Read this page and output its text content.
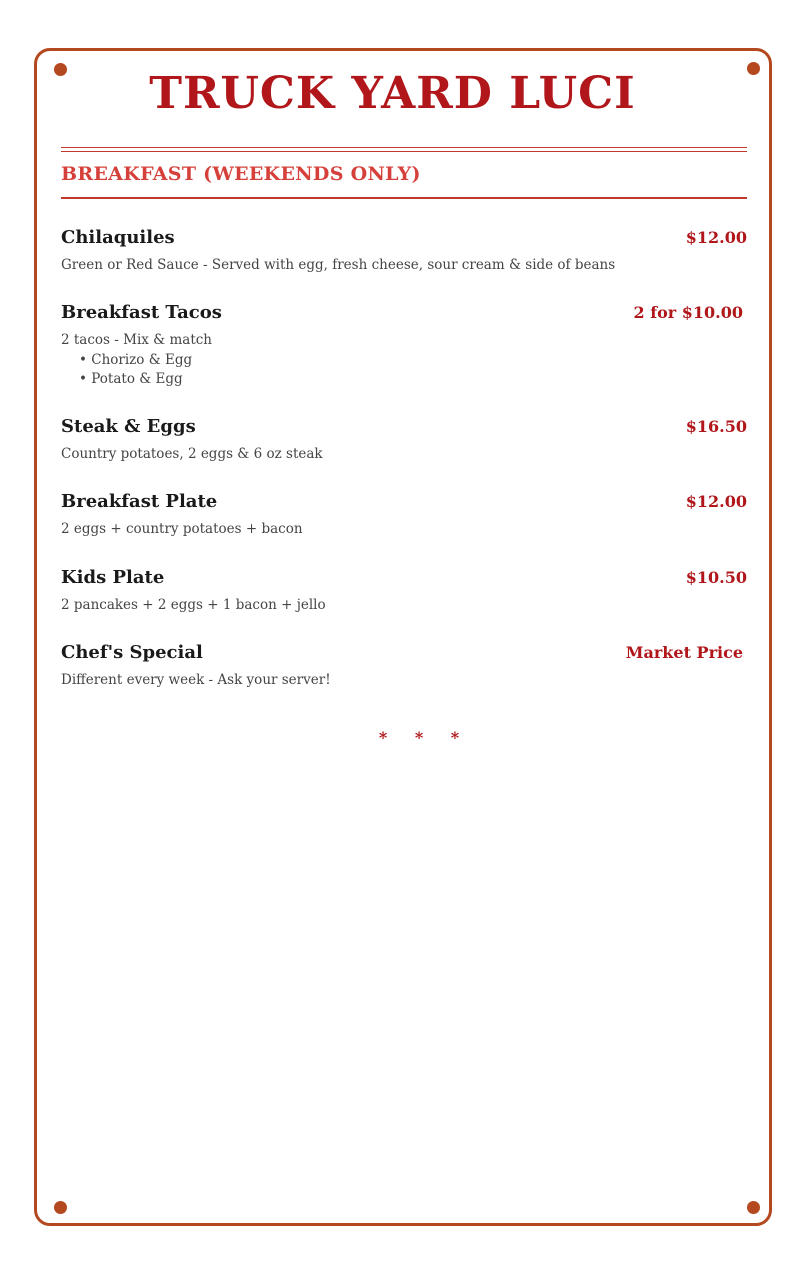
TRUCK YARD LUCI
BREAKFAST (WEEKENDS ONLY)
Chilaquiles	$12.00
Green or Red Sauce - Served with egg, fresh cheese, sour cream & side of beans
Breakfast Tacos	2 for $10.00
2 tacos - Mix & match
• Chorizo & Egg
• Potato & Egg
Steak & Eggs	$16.50
Country potatoes, 2 eggs & 6 oz steak
Breakfast Plate	$12.00
2 eggs + country potatoes + bacon
Kids Plate	$10.50
2 pancakes + 2 eggs + 1 bacon + jello
Chef's Special	Market Price
Different every week - Ask your server!
* * *
